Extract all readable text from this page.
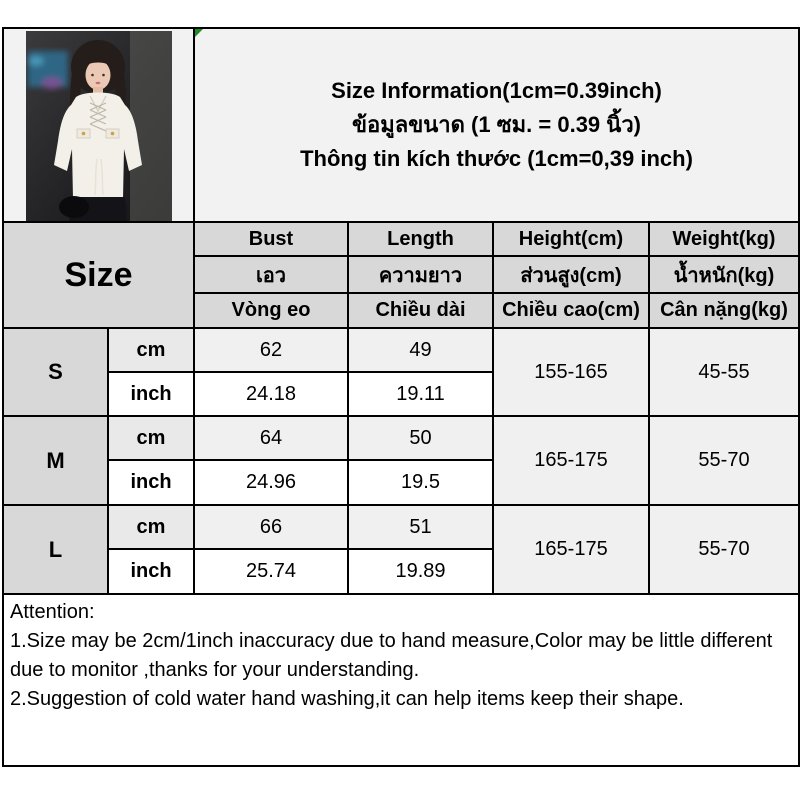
Size Information(1cm=0.39inch)
ข้อมูลขนาด (1 ซม. = 0.39 นิ้ว)
Thông tin kích thước (1cm=0,39 inch)			

Size		Bust	Length	Height(cm)	Weight(kg)
		เอว	ความยาว	ส่วนสูง(cm)	น้ำหนัก(kg)
		Vòng eo	Chiều dài	Chiều cao(cm)	Cân nặng(kg)
S	cm	62	49	155-165	45-55
	inch	24.18	19.11		
M	cm	64	50	165-175	55-70
	inch	24.96	19.5		
L	cm	66	51	165-175	55-70
	inch	25.74	19.89		

Attention:
1.Size may be 2cm/1inch inaccuracy due to hand measure,Color may be little different due to monitor ,thanks for your understanding.
2.Suggestion of cold water hand washing,it can help items keep their shape.					
